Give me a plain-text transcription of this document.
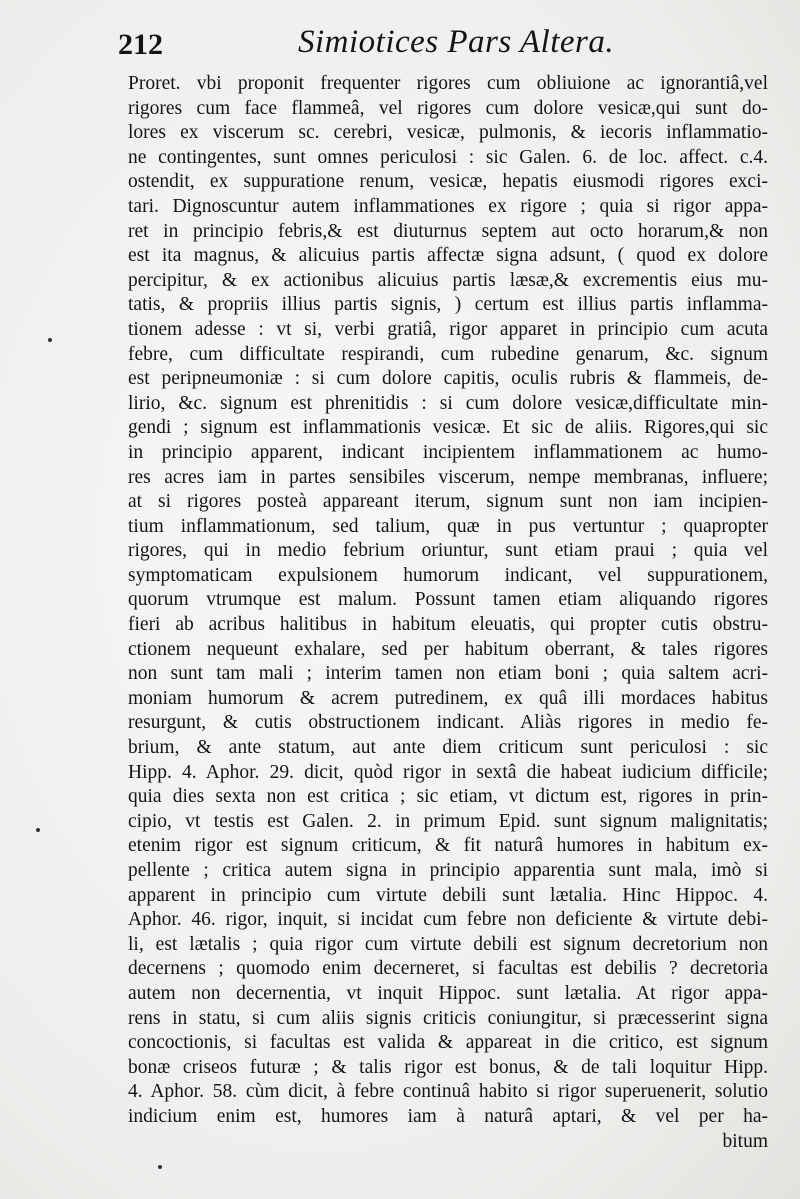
212	Simiotices Pars Altera.
Proret. vbi proponit frequenter rigores cum obliuione ac ignorantiâ,vel
rigores cum face flammeâ, vel rigores cum dolore vesicæ,qui sunt do-
lores ex viscerum sc. cerebri, vesicæ, pulmonis, & iecoris inflammatio-
ne contingentes, sunt omnes periculosi : sic Galen. 6. de loc. affect. c.4.
ostendit, ex suppuratione renum, vesicæ, hepatis eiusmodi rigores exci-
tari. Dignoscuntur autem inflammationes ex rigore ; quia si rigor appa-
ret in principio febris,& est diuturnus septem aut octo horarum,& non
est ita magnus, & alicuius partis affectæ signa adsunt, ( quod ex dolore
percipitur, & ex actionibus alicuius partis læsæ,& excrementis eius mu-
tatis, & propriis illius partis signis, ) certum est illius partis inflamma-
tionem adesse : vt si, verbi gratiâ, rigor apparet in principio cum acuta
febre, cum difficultate respirandi, cum rubedine genarum, &c. signum
est peripneumoniæ : si cum dolore capitis, oculis rubris & flammeis, de-
lirio, &c. signum est phrenitidis : si cum dolore vesicæ,difficultate min-
gendi ; signum est inflammationis vesicæ. Et sic de aliis. Rigores,qui sic
in principio apparent, indicant incipientem inflammationem ac humo-
res acres iam in partes sensibiles viscerum, nempe membranas, influere;
at si rigores posteà appareant iterum, signum sunt non iam incipien-
tium inflammationum, sed talium, quæ in pus vertuntur ; quapropter
rigores, qui in medio febrium oriuntur, sunt etiam praui ; quia vel
symptomaticam expulsionem humorum indicant, vel suppurationem,
quorum vtrumque est malum. Possunt tamen etiam aliquando rigores
fieri ab acribus halitibus in habitum eleuatis, qui propter cutis obstru-
ctionem nequeunt exhalare, sed per habitum oberrant, & tales rigores
non sunt tam mali ; interim tamen non etiam boni ; quia saltem acri-
moniam humorum & acrem putredinem, ex quâ illi mordaces habitus
resurgunt, & cutis obstructionem indicant. Aliàs rigores in medio fe-
brium, & ante statum, aut ante diem criticum sunt periculosi : sic
Hipp. 4. Aphor. 29. dicit, quòd rigor in sextâ die habeat iudicium difficile;
quia dies sexta non est critica ; sic etiam, vt dictum est, rigores in prin-
cipio, vt testis est Galen. 2. in primum Epid. sunt signum malignitatis;
etenim rigor est signum criticum, & fit naturâ humores in habitum ex-
pellente ; critica autem signa in principio apparentia sunt mala, imò si
apparent in principio cum virtute debili sunt lætalia. Hinc Hippoc. 4.
Aphor. 46. rigor, inquit, si incidat cum febre non deficiente & virtute debi-
li, est lætalis ; quia rigor cum virtute debili est signum decretorium non
decernens ; quomodo enim decerneret, si facultas est debilis ? decretoria
autem non decernentia, vt inquit Hippoc. sunt lætalia. At rigor appa-
rens in statu, si cum aliis signis criticis coniungitur, si præcesserint signa
concoctionis, si facultas est valida & appareat in die critico, est signum
bonæ criseos futuræ ; & talis rigor est bonus, & de tali loquitur Hipp.
4. Aphor. 58. cùm dicit, à febre continuâ habito si rigor superuenerit, solutio
indicium enim est, humores iam à naturâ aptari, & vel per ha-
bitum
